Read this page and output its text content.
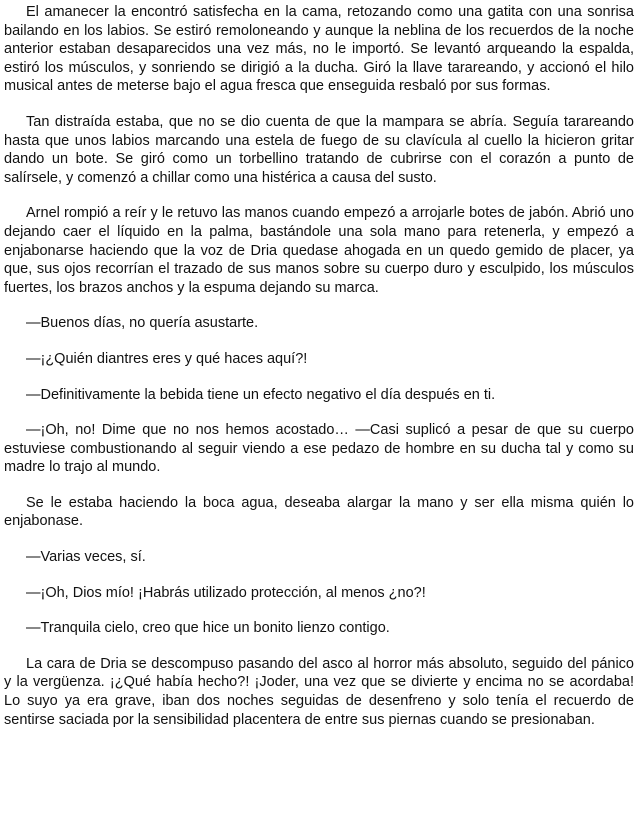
El amanecer la encontró satisfecha en la cama, retozando como una gatita con una sonrisa bailando en los labios. Se estiró remoloneando y aunque la neblina de los recuerdos de la noche anterior estaban desaparecidos una vez más, no le importó. Se levantó arqueando la espalda, estiró los músculos, y sonriendo se dirigió a la ducha. Giró la llave tarareando, y accionó el hilo musical antes de meterse bajo el agua fresca que enseguida resbaló por sus formas.

Tan distraída estaba, que no se dio cuenta de que la mampara se abría. Seguía tarareando hasta que unos labios marcando una estela de fuego de su clavícula al cuello la hicieron gritar dando un bote. Se giró como un torbellino tratando de cubrirse con el corazón a punto de salírsele, y comenzó a chillar como una histérica a causa del susto.

Arnel rompió a reír y le retuvo las manos cuando empezó a arrojarle botes de jabón. Abrió uno dejando caer el líquido en la palma, bastándole una sola mano para retenerla, y empezó a enjabonarse haciendo que la voz de Dria quedase ahogada en un quedo gemido de placer, ya que, sus ojos recorrían el trazado de sus manos sobre su cuerpo duro y esculpido, los músculos fuertes, los brazos anchos y la espuma dejando su marca.

—Buenos días, no quería asustarte.

—¡¿Quién diantres eres y qué haces aquí?!

—Definitivamente la bebida tiene un efecto negativo el día después en ti.

—¡Oh, no! Dime que no nos hemos acostado… —Casi suplicó a pesar de que su cuerpo estuviese combustionando al seguir viendo a ese pedazo de hombre en su ducha tal y como su madre lo trajo al mundo.

Se le estaba haciendo la boca agua, deseaba alargar la mano y ser ella misma quién lo enjabonase.

—Varias veces, sí.

—¡Oh, Dios mío! ¡Habrás utilizado protección, al menos ¿no?!

—Tranquila cielo, creo que hice un bonito lienzo contigo.

La cara de Dria se descompuso pasando del asco al horror más absoluto, seguido del pánico y la vergüenza. ¡¿Qué había hecho?! ¡Joder, una vez que se divierte y encima no se acordaba! Lo suyo ya era grave, iban dos noches seguidas de desenfreno y solo tenía el recuerdo de sentirse saciada por la sensibilidad placentera de entre sus piernas cuando se presionaban.
